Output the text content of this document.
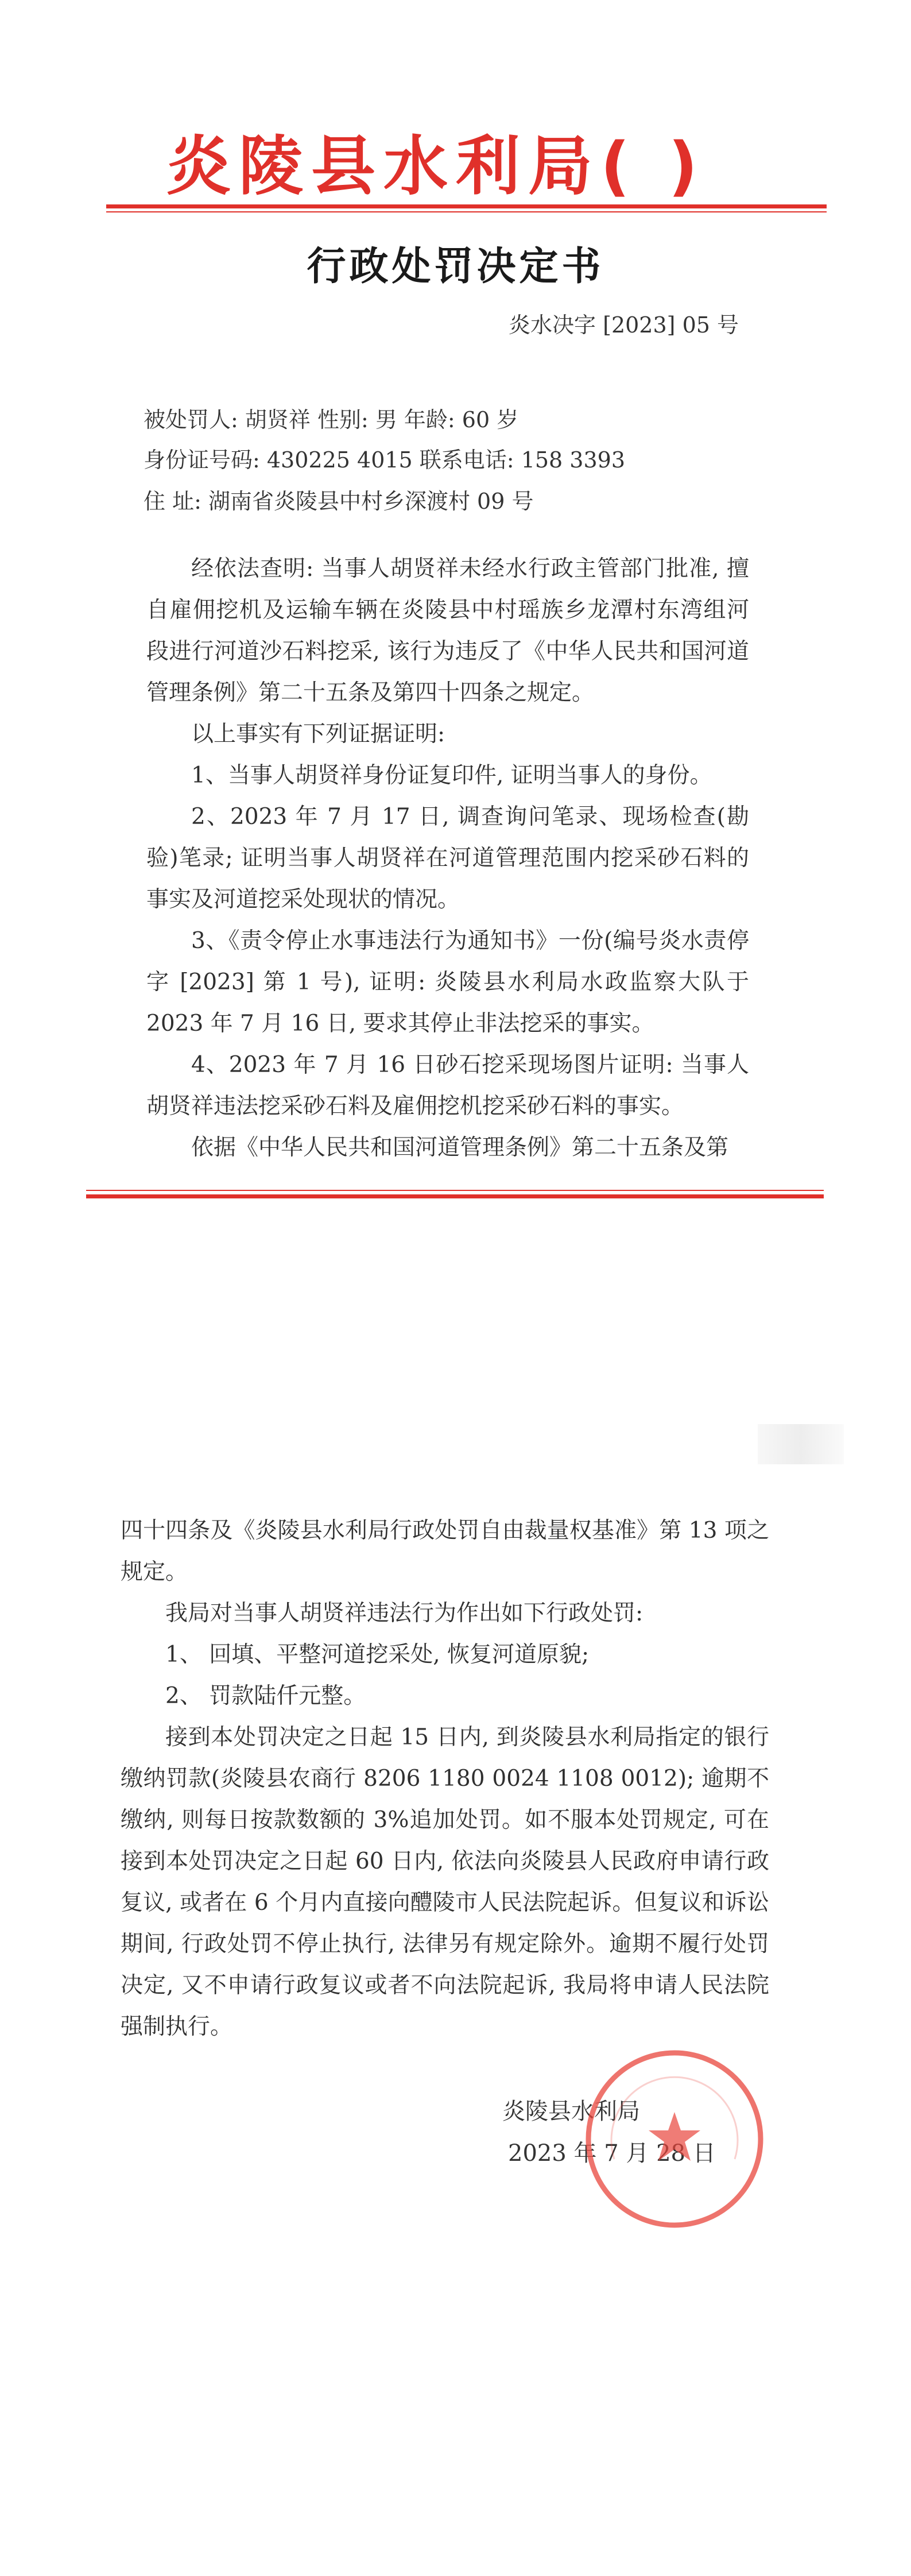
炎陵县水利局( )
行政处罚决定书
炎水决字 [2023] 05 号
被处罚人: 胡贤祥 性别: 男 年龄: 60 岁
身份证号码: 430225 4015 联系电话: 158 3393
住 址: 湖南省炎陵县中村乡深渡村 09 号
经依法查明: 当事人胡贤祥未经水行政主管部门批准, 擅自雇佣挖机及运输车辆在炎陵县中村瑶族乡龙潭村东湾组河段进行河道沙石料挖采, 该行为违反了《中华人民共和国河道管理条例》第二十五条及第四十四条之规定。
以上事实有下列证据证明:
1、当事人胡贤祥身份证复印件, 证明当事人的身份。
2、2023 年 7 月 17 日, 调查询问笔录、现场检查(勘验)笔录; 证明当事人胡贤祥在河道管理范围内挖采砂石料的事实及河道挖采处现状的情况。
3、《责令停止水事违法行为通知书》一份(编号炎水责停字 [2023] 第 1 号), 证明: 炎陵县水利局水政监察大队于 2023 年 7 月 16 日, 要求其停止非法挖采的事实。
4、2023 年 7 月 16 日砂石挖采现场图片证明: 当事人胡贤祥违法挖采砂石料及雇佣挖机挖采砂石料的事实。
依据《中华人民共和国河道管理条例》第二十五条及第
四十四条及《炎陵县水利局行政处罚自由裁量权基准》第 13 项之规定。
我局对当事人胡贤祥违法行为作出如下行政处罚:
1、 回填、平整河道挖采处, 恢复河道原貌;
2、 罚款陆仟元整。
接到本处罚决定之日起 15 日内, 到炎陵县水利局指定的银行缴纳罚款(炎陵县农商行 8206 1180 0024 1108 0012); 逾期不缴纳, 则每日按款数额的 3%追加处罚。如不服本处罚规定, 可在接到本处罚决定之日起 60 日内, 依法向炎陵县人民政府申请行政复议, 或者在 6 个月内直接向醴陵市人民法院起诉。但复议和诉讼期间, 行政处罚不停止执行, 法律另有规定除外。逾期不履行处罚决定, 又不申请行政复议或者不向法院起诉, 我局将申请人民法院强制执行。
炎陵县水利局
2023 年 7 月 28 日
